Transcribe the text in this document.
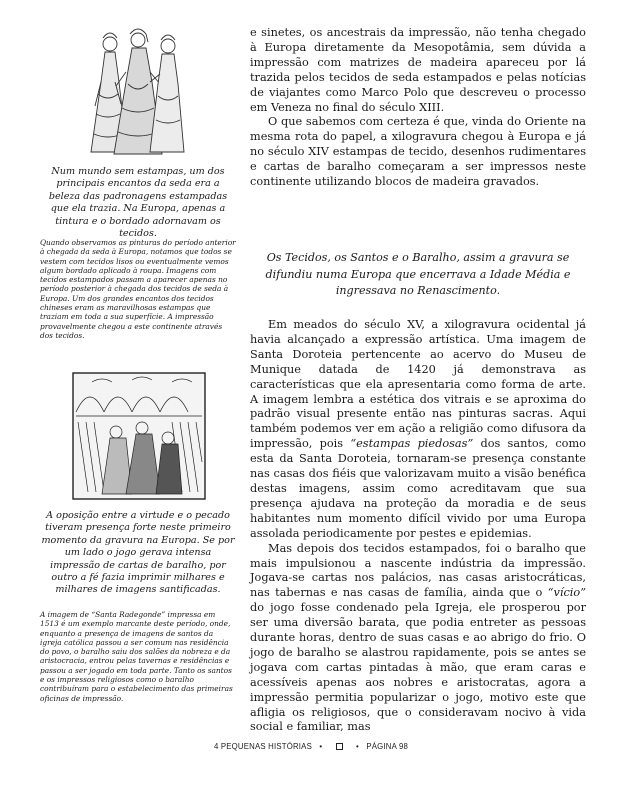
Num mundo sem estampas, um dos principais encantos da seda era a beleza das padronagens estampadas que ela trazia. Na Europa, apenas a tintura e o bordado adornavam os tecidos.

Quando observamos as pinturas do período anterior à chegada da seda à Europa, notamos que todos se vestem com tecidos lisos ou eventualmente vemos algum bordado aplicado à roupa. Imagens com tecidos estampados passam a aparecer apenas no período posterior à chegada dos tecidos de seda à Europa. Um dos grandes encantos dos tecidos chineses eram as maravilhosas estampas que traziam em toda a sua superfície. A impressão provavelmente chegou a este continente através dos tecidos.

A oposição entre a virtude e o pecado tiveram presença forte neste primeiro momento da gravura na Europa. Se por um lado o jogo gerava intensa impressão de cartas de baralho, por outro a fé fazia imprimir milhares e milhares de imagens santificadas.

A imagem de “Santa Radegonde” impressa em 1513 é um exemplo marcante deste período, onde, enquanto a presença de imagens de santos da igreja católica passou a ser comum nas residência do povo, o baralho saiu dos salões da nobreza e da aristocracia, entrou pelas tavernas e residências e passou a ser jogado em toda parte. Tanto os santos e os impressos religiosos como o baralho contribuíram para o estabelecimento das primeiras oficinas de impressão.

e sinetes, os ancestrais da impressão, não tenha chegado à Europa diretamente da Mesopotâmia, sem dúvida a impressão com matrizes de madeira apareceu por lá trazida pelos tecidos de seda estampados e pelas notícias de viajantes como Marco Polo que descreveu o processo em Veneza no final do século XIII.

O que sabemos com certeza é que, vinda do Oriente na mesma rota do papel, a xilogravura chegou à Europa e já no século XIV estampas de tecido, desenhos rudimentares e cartas de baralho começaram a ser impressos neste continente utilizando blocos de madeira gravados.

Os Tecidos, os Santos e o Baralho, assim a gravura se difundiu numa Europa que encerrava a Idade Média e ingressava no Renascimento.

Em meados do século XV, a xilogravura ocidental já havia alcançado a expressão artística. Uma imagem de Santa Doroteia pertencente ao acervo do Museu de Munique datada de 1420 já demonstrava as características que ela apresentaria como forma de arte. A imagem lembra a estética dos vitrais e se aproxima do padrão visual presente então nas pinturas sacras. Aqui também podemos ver em ação a religião como difusora da impressão, pois “estampas piedosas” dos santos, como esta da Santa Doroteia, tornaram-se presença constante nas casas dos fiéis que valorizavam muito a visão benéfica destas imagens, assim como acreditavam que sua presença ajudava na proteção da moradia e de seus habitantes num momento difícil vivido por uma Europa assolada periodicamente por pestes e epidemias.

Mas depois dos tecidos estampados, foi o baralho que mais impulsionou a nascente indústria da impressão. Jogava-se cartas nos palácios, nas casas aristocráticas, nas tabernas e nas casas de família, ainda que o “vício” do jogo fosse condenado pela Igreja, ele prosperou por ser uma diversão barata, que podia entreter as pessoas durante horas, dentro de suas casas e ao abrigo do frio. O jogo de baralho se alastrou rapidamente, pois se antes se jogava com cartas pintadas à mão, que eram caras e acessíveis apenas aos nobres e aristocratas, agora a impressão permitia popularizar o jogo, motivo este que afligia os religiosos, que o consideravam nocivo à vida social e familiar, mas

4 PEQUENAS HISTÓRIAS •	• PÁGINA 98
